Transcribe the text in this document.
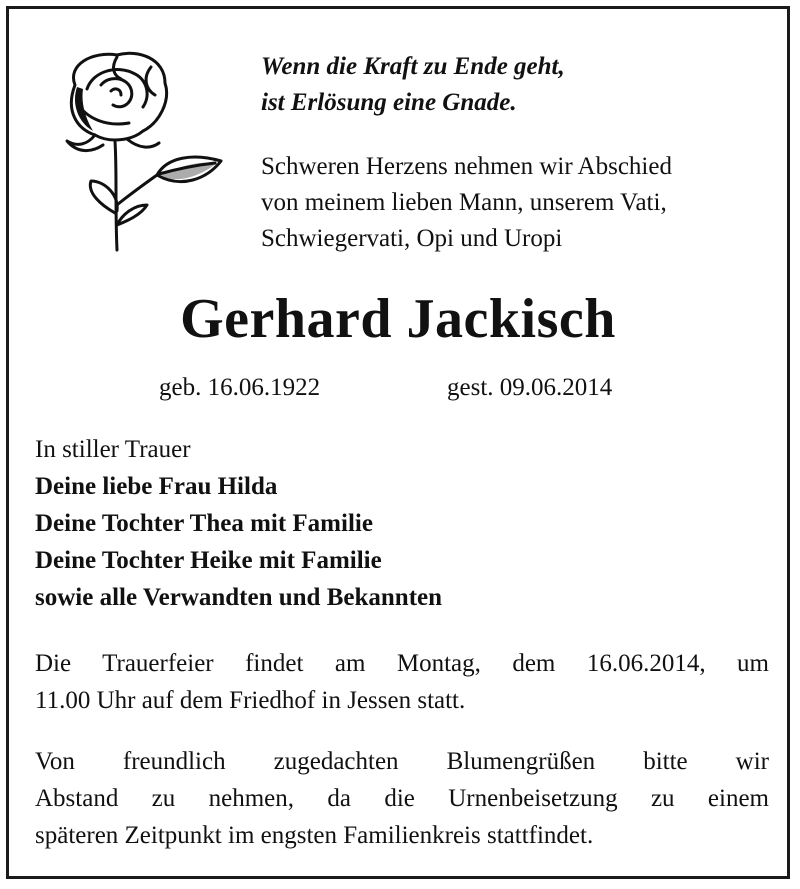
Wenn die Kraft zu Ende geht,
ist Erlösung eine Gnade.

Schweren Herzens nehmen wir Abschied
von meinem lieben Mann, unserem Vati,
Schwiegervati, Opi und Uropi

Gerhard Jackisch
geb. 16.06.1922	gest. 09.06.2014

In stiller Trauer
Deine liebe Frau Hilda
Deine Tochter Thea mit Familie
Deine Tochter Heike mit Familie
sowie alle Verwandten und Bekannten

Die Trauerfeier findet am Montag, dem 16.06.2014, um
11.00 Uhr auf dem Friedhof in Jessen statt.

Von freundlich zugedachten Blumengrüßen bitte wir
Abstand zu nehmen, da die Urnenbeisetzung zu einem
späteren Zeitpunkt im engsten Familienkreis stattfindet.
